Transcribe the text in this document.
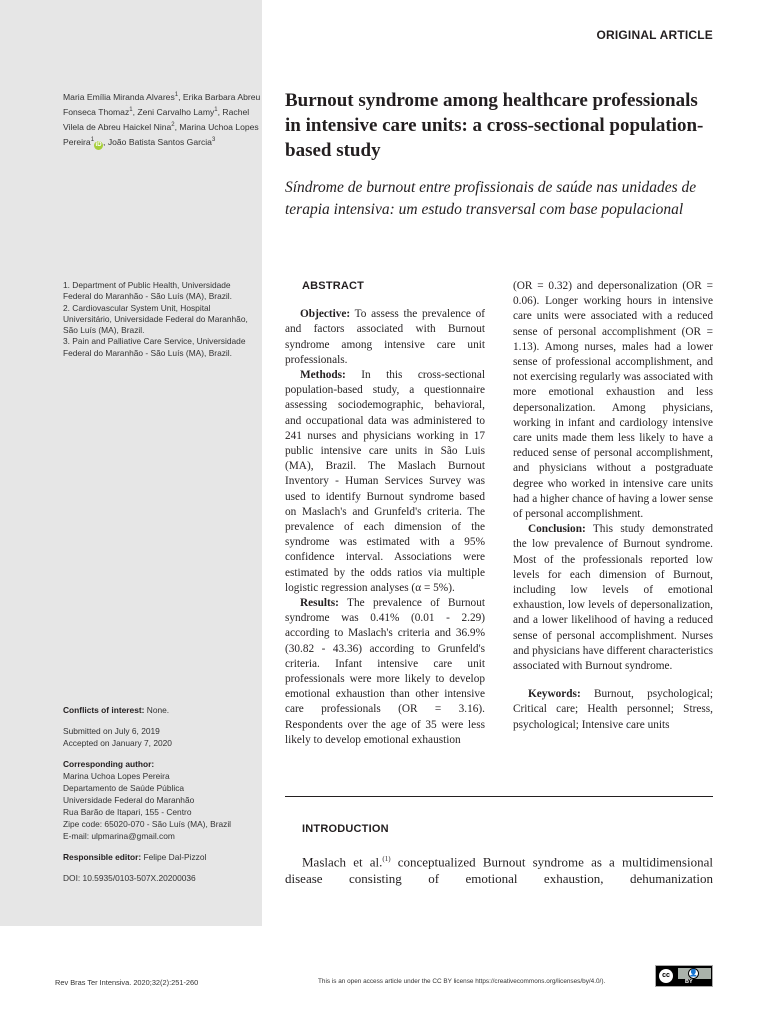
ORIGINAL ARTICLE
Maria Emília Miranda Alvares$^1$, Erika Barbara Abreu Fonseca Thomaz$^1$, Zeni Carvalho Lamy$^1$, Rachel Vilela de Abreu Haickel Nina$^2$, Marina Uchoa Lopes Pereira$^1$iD , João Batista Santos Garcia$^3$
1. Department of Public Health, Universidade Federal do Maranhão - São Luís (MA), Brazil.
2. Cardiovascular System Unit, Hospital Universitário, Universidade Federal do Maranhão, São Luís (MA), Brazil.
3. Pain and Palliative Care Service, Universidade Federal do Maranhão - São Luís (MA), Brazil.
Conflicts of interest: None.
Submitted on July 6, 2019
Accepted on January 7, 2020
Corresponding author:
Marina Uchoa Lopes Pereira
Departamento de Saúde Pública
Universidade Federal do Maranhão
Rua Barão de Itapari, 155 - Centro
Zipe code: 65020-070 - São Luís (MA), Brazil
E-mail: ulpmarina@gmail.com
Responsible editor: Felipe Dal-Pizzol
DOI: 10.5935/0103-507X.20200036
Burnout syndrome among healthcare professionals in intensive care units: a cross-sectional population-based study
Síndrome de burnout entre profissionais de saúde nas unidades de terapia intensiva: um estudo transversal com base populacional
ABSTRACT

Objective: To assess the prevalence of and factors associated with Burnout syndrome among intensive care unit professionals.

Methods: In this cross-sectional population-based study, a questionnaire assessing sociodemographic, behavioral, and occupational data was administered to 241 nurses and physicians working in 17 public intensive care units in São Luis (MA), Brazil. The Maslach Burnout Inventory - Human Services Survey was used to identify Burnout syndrome based on Maslach's and Grunfeld's criteria. The prevalence of each dimension of the syndrome was estimated with a 95% confidence interval. Associations were estimated by the odds ratios via multiple logistic regression analyses (α = 5%).

Results: The prevalence of Burnout syndrome was 0.41% (0.01 - 2.29) according to Maslach's criteria and 36.9% (30.82 - 43.36) according to Grunfeld's criteria. Infant intensive care unit professionals were more likely to develop emotional exhaustion than other intensive care professionals (OR = 3.16). Respondents over the age of 35 were less likely to develop emotional exhaustion

(OR = 0.32) and depersonalization (OR = 0.06). Longer working hours in intensive care units were associated with a reduced sense of personal accomplishment (OR = 1.13). Among nurses, males had a lower sense of professional accomplishment, and not exercising regularly was associated with more emotional exhaustion and less depersonalization. Among physicians, working in infant and cardiology intensive care units made them less likely to have a reduced sense of personal accomplishment, and physicians without a postgraduate degree who worked in intensive care units had a higher chance of having a lower sense of personal accomplishment.

Conclusion: This study demonstrated the low prevalence of Burnout syndrome. Most of the professionals reported low levels for each dimension of Burnout, including low levels of emotional exhaustion, low levels of depersonalization, and a lower likelihood of having a reduced sense of personal accomplishment. Nurses and physicians have different characteristics associated with Burnout syndrome.

Keywords: Burnout, psychological; Critical care; Health personnel; Stress, psychological; Intensive care units

INTRODUCTION

Maslach et al.$^{(1)}$ conceptualized Burnout syndrome as a multidimensional disease consisting of emotional exhaustion, dehumanization

Rev Bras Ter Intensiva. 2020;32(2):251-260	This is an open access article under the CC BY license https://creativecommons.org/licenses/by/4.0/).
cc	👤
BY
